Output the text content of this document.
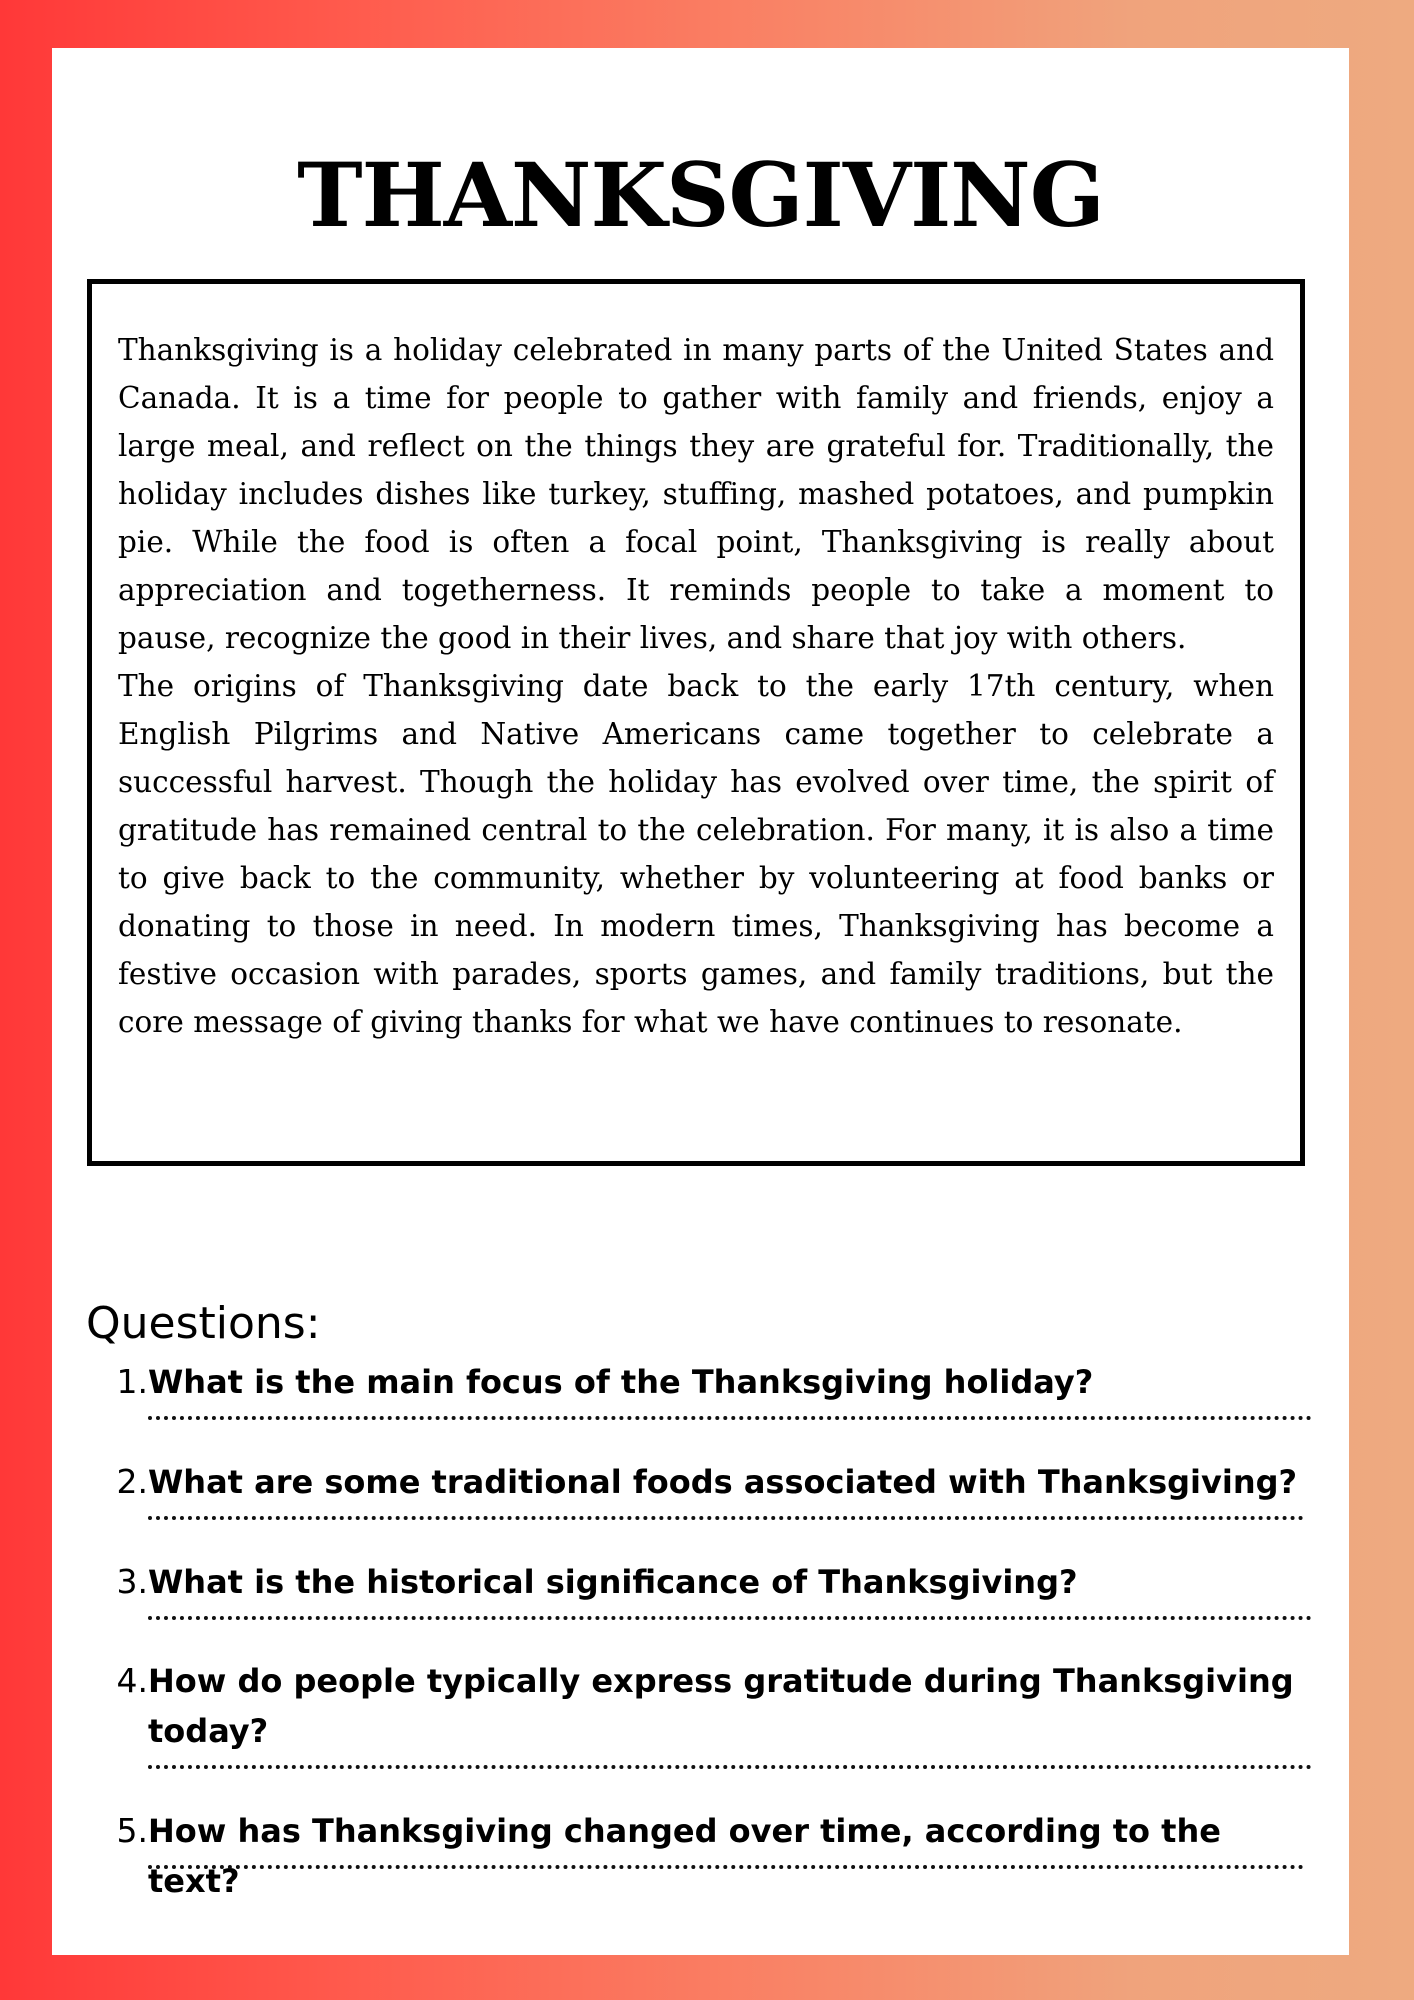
THANKSGIVING

Thanksgiving is a holiday celebrated in many parts of the United States and Canada. It is a time for people to gather with family and friends, enjoy a large meal, and reflect on the things they are grateful for. Traditionally, the holiday includes dishes like turkey, stuffing, mashed potatoes, and pumpkin pie. While the food is often a focal point, Thanksgiving is really about appreciation and togetherness. It reminds people to take a moment to pause, recognize the good in their lives, and share that joy with others.

The origins of Thanksgiving date back to the early 17th century, when English Pilgrims and Native Americans came together to celebrate a successful harvest. Though the holiday has evolved over time, the spirit of gratitude has remained central to the celebration. For many, it is also a time to give back to the community, whether by volunteering at food banks or donating to those in need. In modern times, Thanksgiving has become a festive occasion with parades, sports games, and family traditions, but the core message of giving thanks for what we have continues to resonate.

Questions:
1. What is the main focus of the Thanksgiving holiday?
2. What are some traditional foods associated with Thanksgiving?
3. What is the historical significance of Thanksgiving?
4. How do people typically express gratitude during Thanksgiving today?
5. How has Thanksgiving changed over time, according to the text?
